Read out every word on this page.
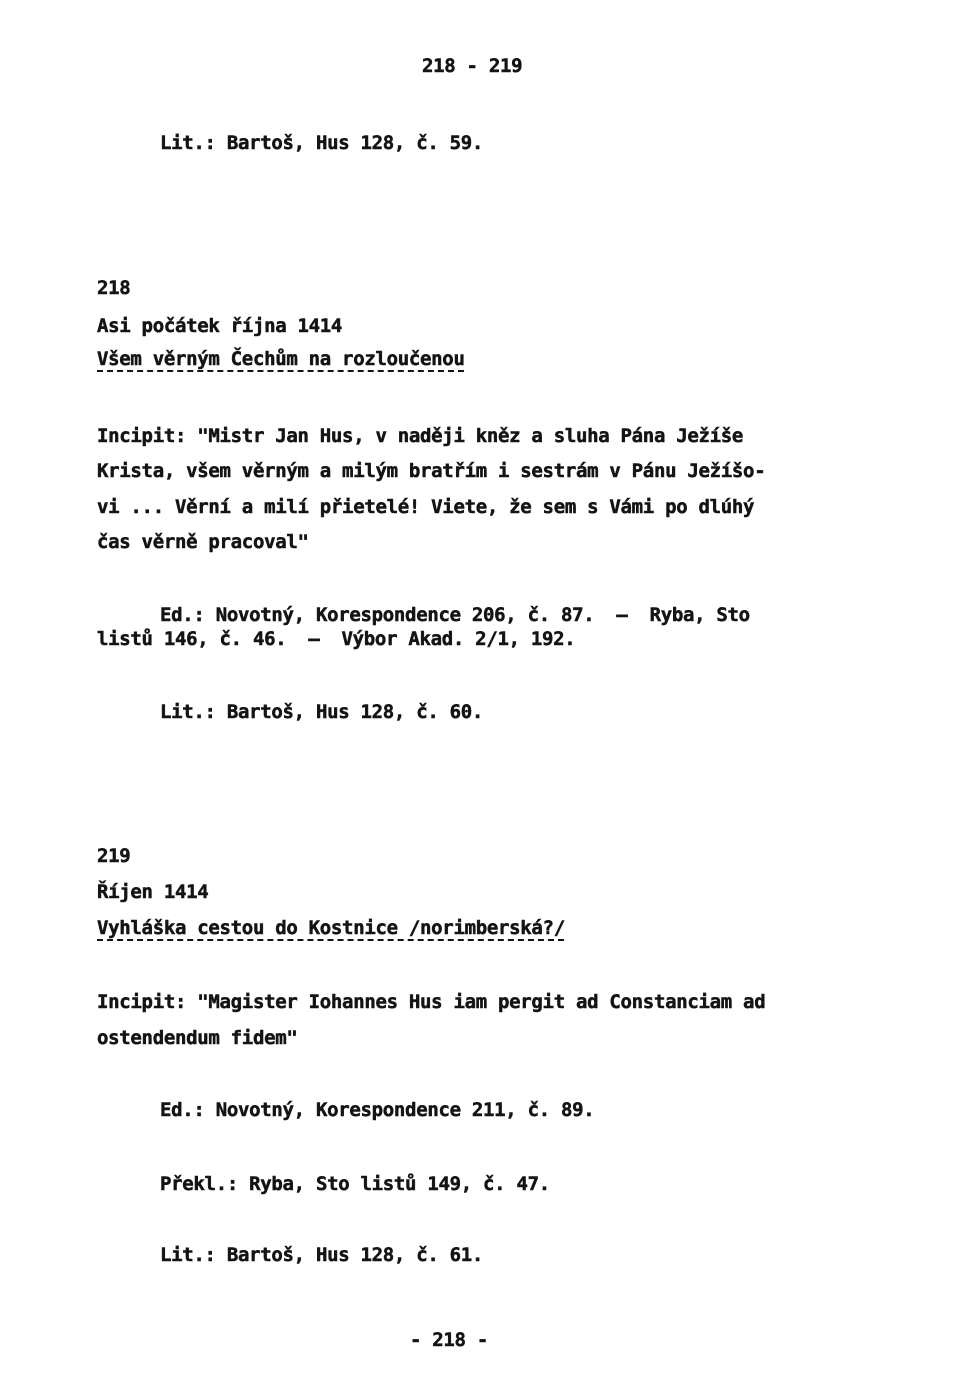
218 - 219
Lit.: Bartoš, Hus 128, č. 59.
218
Asi počátek října 1414
Všem věrným Čechům na rozloučenou
Incipit: "Mistr Jan Hus, v naději kněz a sluha Pána Ježíše
Krista, všem věrným a milým bratřím i sestrám v Pánu Ježíšo-
vi ... Věrní a milí přietelé! Viete, že sem s Vámi po dlúhý
čas věrně pracoval"
Ed.: Novotný, Korespondence 206, č. 87. — Ryba, Sto
listů 146, č. 46. — Výbor Akad. 2/1, 192.
Lit.: Bartoš, Hus 128, č. 60.
219
Říjen 1414
Vyhláška cestou do Kostnice /norimberská?/
Incipit: "Magister Iohannes Hus iam pergit ad Constanciam ad
ostendendum fidem"
Ed.: Novotný, Korespondence 211, č. 89.
Překl.: Ryba, Sto listů 149, č. 47.
Lit.: Bartoš, Hus 128, č. 61.
- 218 -
